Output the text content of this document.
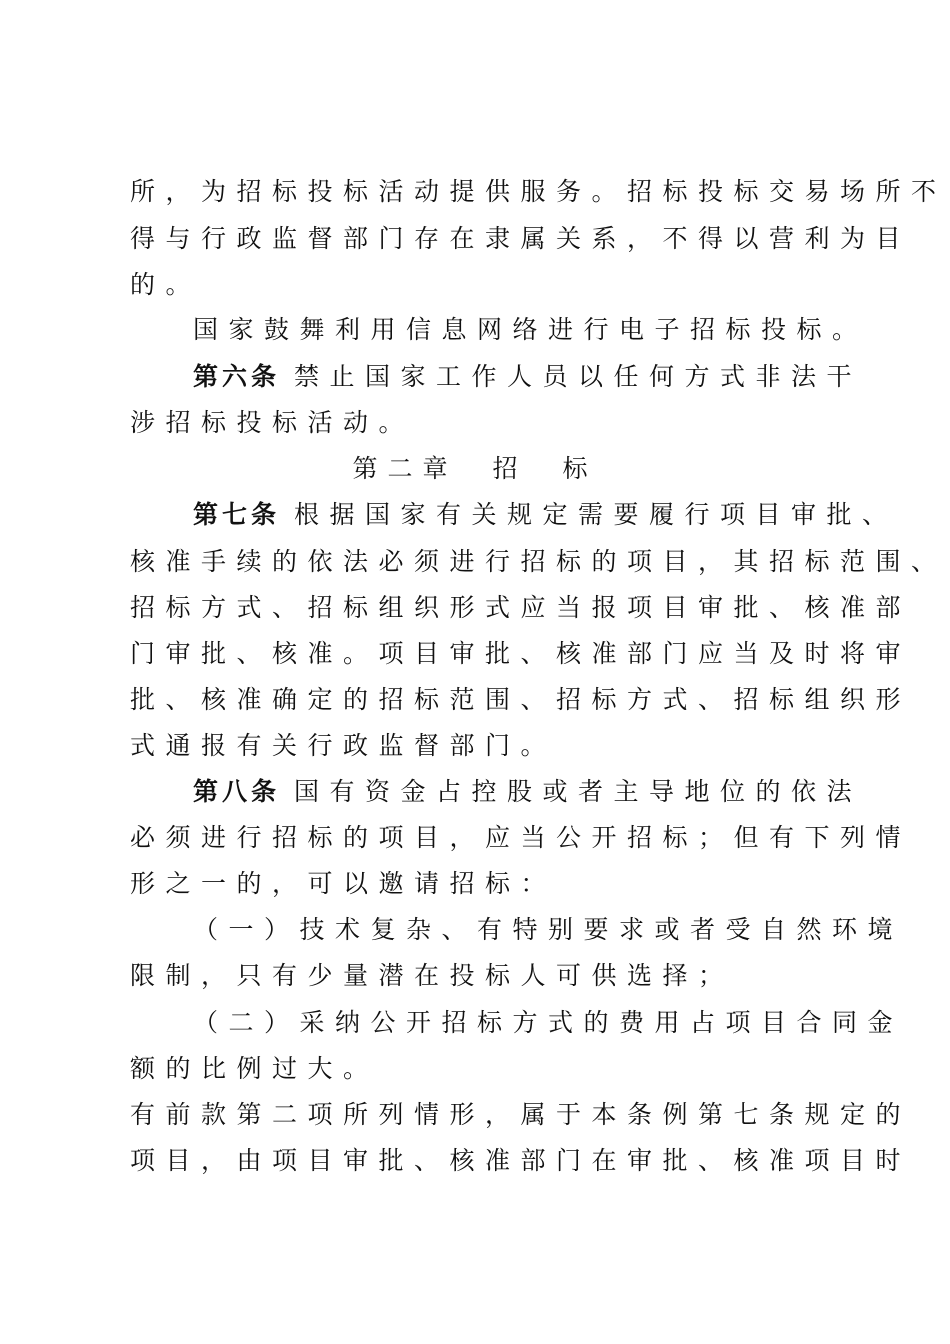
所，为招标投标活动提供服务。招标投标交易场所不
得与行政监督部门存在隶属关系，不得以营利为目
的。
国家鼓舞利用信息网络进行电子招标投标。
第六条 禁止国家工作人员以任何方式非法干
涉招标投标活动。
第二章　招　标
第七条 根据国家有关规定需要履行项目审批、
核准手续的依法必须进行招标的项目，其招标范围、
招标方式、招标组织形式应当报项目审批、核准部
门审批、核准。项目审批、核准部门应当及时将审
批、核准确定的招标范围、招标方式、招标组织形
式通报有关行政监督部门。
第八条 国有资金占控股或者主导地位的依法
必须进行招标的项目，应当公开招标；但有下列情
形之一的，可以邀请招标：
（一）技术复杂、有特别要求或者受自然环境
限制，只有少量潜在投标人可供选择；
（二）采纳公开招标方式的费用占项目合同金
额的比例过大。
有前款第二项所列情形，属于本条例第七条规定的
项目，由项目审批、核准部门在审批、核准项目时
